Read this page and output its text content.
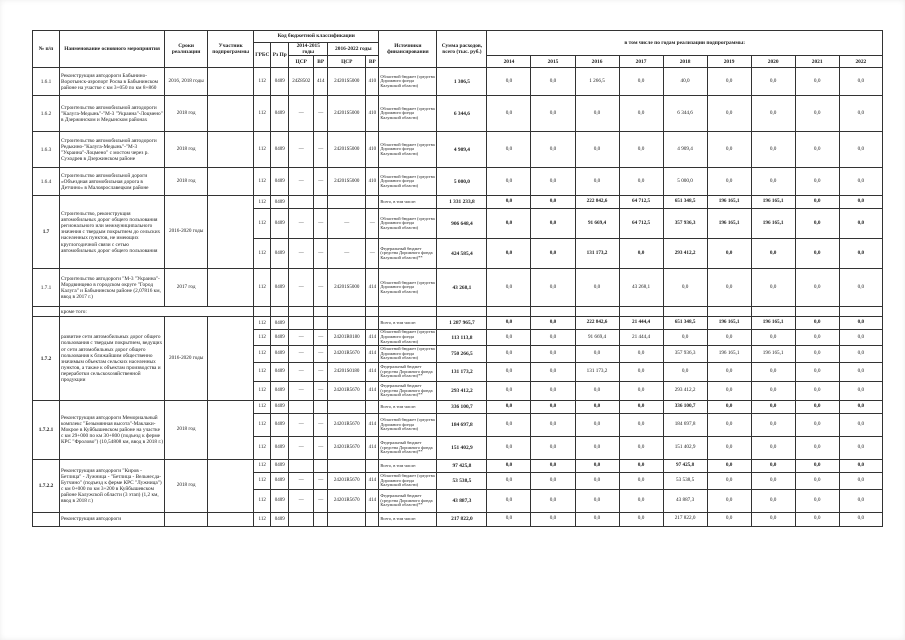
№ п/п	Наименование основного мероприятия	Сроки реализации	Участник подпрограммы	Код бюджетной классификации						Источники финансирования	Сумма расходов, всего (тыс. руб.)	в том числе по годам реализации подпрограммы:								
				ГРБС	Рз Пр	2014-2015 годы		2016-2022 годы												
						ЦСР	ВР													
								ЦСР	ВР			2014	2015	2016	2017	2018	2019	2020	2021	2022
1.6.1	Реконструкция автодороги Бабынино-Воротынск-аэропорт Росва в Бабынинском районе на участке с км 3+050 по км 8+860	2016, 2018 годы		112	0409	24Z8502	414	24201S5000	410	Областной бюджет (средства Дорожного фонда Калужской области)	1 306,5	0,0	0,0	1 266,5	0,0	40,0	0,0	0,0	0,0	0,0
1.6.2	Строительство автомобильной автодороги "Калуга-Медынь"-"М-3 "Украина"-Лоцмено" в Дзержинском и Медынском районах	2018 год		112	0409	—	—	24201S5000	410	Областной бюджет (средства Дорожного фонда Калужской области)	6 344,6	0,0	0,0	0,0	0,0	6 344,6	0,0	0,0	0,0	0,0
1.6.3	Строительство автомобильной автодороги Редькино-"Калуга-Медынь"-"М-3 "Украина"-Лоцмено" с мостом через р. Суходрев в Дзержинском районе	2018 год		112	0409	—	—	24201S5000	410	Областной бюджет (средства Дорожного фонда Калужской области)	4 909,4	0,0	0,0	0,0	0,0	4 909,4	0,0	0,0	0,0	0,0
1.6.4	Строительство автомобильной дороги «Объездная автомобильная дорога в Детчино» в Малоярославецком районе	2018 год		112	0409	—	—	24201S5000	410	Областной бюджет (средства Дорожного фонда Калужской области)	5 000,0	0,0	0,0	0,0	0,0	5 000,0	0,0	0,0	0,0	0,0
1.7	Строительство, реконструкция автомобильных дорог общего пользования регионального или межмуниципального значения с твердым покрытием до сельских населенных пунктов, не имеющих круглогодичной связи с сетью автомобильных дорог общего пользования	2016-2020 годы		112	0409					Всего, в том числе:	1 331 233,8	0,0	0,0	222 842,6	64 712,5	651 348,5	196 165,1	196 165,1	0,0	0,0
				112	0409	—	—	—	—	Областной бюджет (средства Дорожного фонда Калужской области)	906 648,4	0,0	0,0	91 669,4	64 712,5	357 936,3	196 165,1	196 165,1	0,0	0,0
				112	0409	—	—	—	—	Федеральный бюджет (средства Дорожного фонда Калужской области)**	424 585,4	0,0	0,0	131 173,2	0,0	293 412,2	0,0	0,0	0,0	0,0
1.7.1	Строительство автодороги "М-3 "Украина"-Мордвинцево в городском округе "Город Калуга" и Бабынинском районе (2,07816 км, ввод в 2017 г.)	2017 год		112	0409	—	—	24201S5000	414	Областной бюджет (средства Дорожного фонда Калужской области)	43 268,1	0,0	0,0	0,0	43 268,1	0,0	0,0	0,0	0,0	0,0
	кроме того:																			
1.7.2	развитие сети автомобильных дорог общего пользования с твердым покрытием, ведущих от сети автомобильных дорог общего пользования к ближайшим общественно значимым объектам сельских населенных пунктов, а также к объектам производства и переработки сельскохозяйственной продукции	2016-2020 годы		112	0409					Всего, в том числе:	1 287 965,7	0,0	0,0	222 842,6	21 444,4	651 348,5	196 165,1	196 165,1	0,0	0,0
				112	0409	—	—	24201R0180	414	Областной бюджет (средства Дорожного фонда Калужской области)	113 113,8	0,0	0,0	91 669,4	21 444,4	0,0	0,0	0,0	0,0	0,0
				112	0409	—	—	24201R5670	414	Областной бюджет (средства Дорожного фонда Калужской области)	750 266,5	0,0	0,0	0,0	0,0	357 936,3	196 165,1	196 165,1	0,0	0,0
				112	0409	—	—	24201S0180	414	Федеральный бюджет (средства Дорожного фонда Калужской области)**	131 173,2	0,0	0,0	131 173,2	0,0	0,0	0,0	0,0	0,0	0,0
				112	0409	—	—	24201R5670	414	Федеральный бюджет (средства Дорожного фонда Калужской области)**	293 412,2	0,0	0,0	0,0	0,0	293 412,2	0,0	0,0	0,0	0,0
1.7.2.1	Реконструкция автодороги Мемориальный комплекс "Безымянная высота"-Маклаки-Мокрое в Куйбышевском районе на участке с км 29+000 по км 30+800 (подъезд к ферме КРС "Фролово") (10,54808 км, ввод в 2018 г.)	2018 год		112	0409					Всего, в том числе:	336 100,7	0,0	0,0	0,0	0,0	336 100,7	0,0	0,0	0,0	0,0
				112	0409	—	—	24201R5670	414	Областной бюджет (средства Дорожного фонда Калужской области)	184 697,8	0,0	0,0	0,0	0,0	184 697,8	0,0	0,0	0,0	0,0
				112	0409	—	—	24201R5670	414	Федеральный бюджет (средства Дорожного фонда Калужской области)**	151 402,9	0,0	0,0	0,0	0,0	151 402,9	0,0	0,0	0,0	0,0
1.7.2.2	Реконструкция автодороги "Киров - Бетлица" - Лужница - "Бетлица - Вельнесда-Бутчино" (подъезд к ферме КРС "Лужница") с км 0+000 по км 3+200 в Куйбышевском районе Калужской области (3 этап) (1,2 км, ввод в 2018 г.)	2018 год		112	0409					Всего, в том числе:	97 425,8	0,0	0,0	0,0	0,0	97 425,8	0,0	0,0	0,0	0,0
				112	0409	—	—	24201R5670	414	Областной бюджет (средства Дорожного фонда Калужской области)	53 538,5	0,0	0,0	0,0	0,0	53 538,5	0,0	0,0	0,0	0,0
				112	0409	—	—	24201R5670	414	Федеральный бюджет (средства Дорожного фонда Калужской области)**	43 887,3	0,0	0,0	0,0	0,0	43 887,3	0,0	0,0	0,0	0,0
	Реконструкция автодороги			112	0409					Всего, в том числе:	217 822,0	0,0	0,0	0,0	0,0	217 822,0	0,0	0,0	0,0	0,0
